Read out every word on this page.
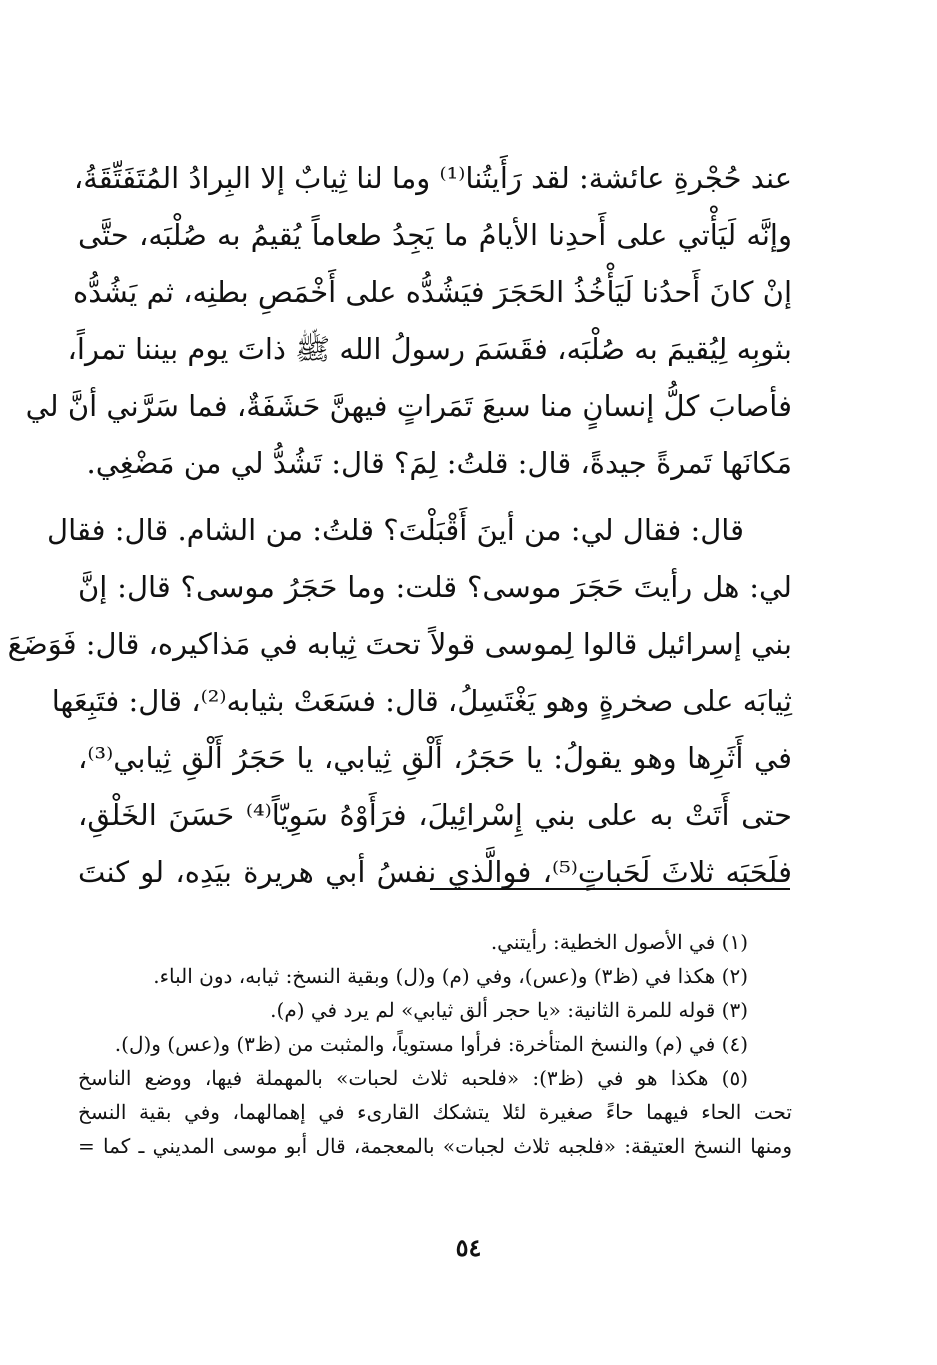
عند حُجْرةِ عائشة: لقد رَأَيتُنا⁽¹⁾ وما لنا ثِيابٌ إلا البِرادُ المُتَفَتِّقَةُ،
وإنَّه لَيَأْتي على أَحدِنا الأيامُ ما يَجِدُ طعاماً يُقيمُ به صُلْبَه، حتَّى
إنْ كانَ أَحدُنا لَيَأْخُذُ الحَجَرَ فيَشُدُّه على أَخْمَصِ بطنِه، ثم يَشُدُّه
بثوبِه لِيُقيمَ به صُلْبَه، فقَسَمَ رسولُ الله ﷺ ذاتَ يوم بيننا تمراً،
فأصابَ كلُّ إنسانٍ منا سبعَ تَمَراتٍ فيهنَّ حَشَفَةٌ، فما سَرَّني أنَّ لي
مَكانَها تَمرةً جيدةً، قال: قلتُ: لِمَ؟ قال: تَشُدُّ لي من مَضْغِي.
قال: فقال لي: من أينَ أَقْبَلْتَ؟ قلتُ: من الشام. قال: فقال
لي: هل رأيتَ حَجَرَ موسى؟ قلت: وما حَجَرُ موسى؟ قال: إنَّ
بني إسرائيل قالوا لِموسى قولاً تحتَ ثِيابه في مَذاكيره، قال: فَوَضَعَ
ثِيابَه على صخرةٍ وهو يَغْتَسِلُ، قال: فسَعَتْ بثيابه⁽²⁾، قال: فتَبِعَها
في أَثَرِها وهو يقولُ: يا حَجَرُ، أَلْقِ ثِيابي، يا حَجَرُ أَلْقِ ثِيابي⁽³⁾،
حتى أَتَتْ به على بني إِسْرائِيلَ، فرَأَوْهُ سَوِيّاً⁽⁴⁾ حَسَنَ الخَلْقِ،
فلَحَبَه ثلاثَ لَحَباتٍ⁽⁵⁾، فوالَّذي نفسُ أبي هريرة بيَدِه، لو كنتَ
(١) في الأصول الخطية: رأيتني.
(٢) هكذا في (ظ٣) و(عس)، وفي (م) و(ل) وبقية النسخ: ثيابه، دون الباء.
(٣) قوله للمرة الثانية: «يا حجر ألق ثيابي» لم يرد في (م).
(٤) في (م) والنسخ المتأخرة: فرأوا مستوياً، والمثبت من (ظ٣) و(عس) و(ل).
(٥) هكذا هو في (ظ٣): «فلحبه ثلاث لحبات» بالمهملة فيها، ووضع الناسخ
تحت الحاء فيهما حاءً صغيرة لئلا يتشكك القارىء في إهمالهما، وفي بقية النسخ
ومنها النسخ العتيقة: «فلجبه ثلاث لجبات» بالمعجمة، قال أبو موسى المديني ـ كما =
٥٤
